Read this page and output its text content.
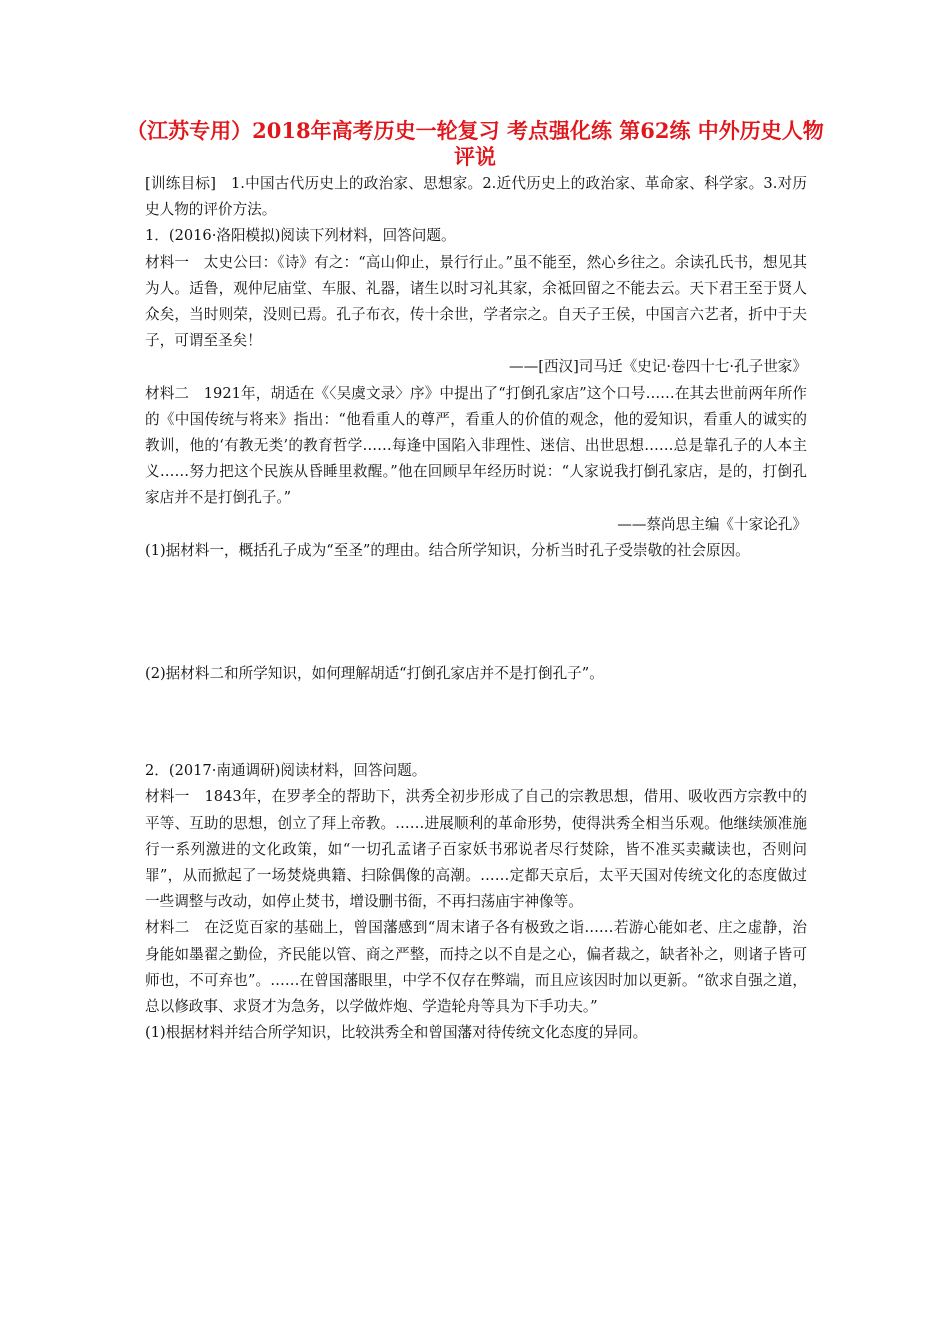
（江苏专用）2018年高考历史一轮复习 考点强化练 第62练 中外历史人物评说

[训练目标]　1.中国古代历史上的政治家、思想家。2.近代历史上的政治家、革命家、科学家。3.对历史人物的评价方法。

1．(2016·洛阳模拟)阅读下列材料，回答问题。

材料一　太史公曰：《诗》有之：“高山仰止，景行行止。”虽不能至，然心乡往之。余读孔氏书，想见其为人。适鲁，观仲尼庙堂、车服、礼器，诸生以时习礼其家，余祗回留之不能去云。天下君王至于贤人众矣，当时则荣，没则已焉。孔子布衣，传十余世，学者宗之。自天子王侯，中国言六艺者，折中于夫子，可谓至圣矣！

——[西汉]司马迁《史记·卷四十七·孔子世家》

材料二　1921年，胡适在《〈吴虞文录〉序》中提出了“打倒孔家店”这个口号……在其去世前两年所作的《中国传统与将来》指出：“他看重人的尊严，看重人的价值的观念，他的爱知识，看重人的诚实的教训，他的‘有教无类’的教育哲学……每逢中国陷入非理性、迷信、出世思想……总是靠孔子的人本主义……努力把这个民族从昏睡里救醒。”他在回顾早年经历时说：“人家说我打倒孔家店，是的，打倒孔家店并不是打倒孔子。”

——蔡尚思主编《十家论孔》

(1)据材料一，概括孔子成为“至圣”的理由。结合所学知识，分析当时孔子受崇敬的社会原因。

(2)据材料二和所学知识，如何理解胡适“打倒孔家店并不是打倒孔子”。

2．(2017·南通调研)阅读材料，回答问题。

材料一　1843年，在罗孝全的帮助下，洪秀全初步形成了自己的宗教思想，借用、吸收西方宗教中的平等、互助的思想，创立了拜上帝教。……进展顺利的革命形势，使得洪秀全相当乐观。他继续颁准施行一系列激进的文化政策，如“一切孔孟诸子百家妖书邪说者尽行焚除，皆不准买卖藏读也，否则问罪”，从而掀起了一场焚烧典籍、扫除偶像的高潮。……定都天京后，太平天国对传统文化的态度做过一些调整与改动，如停止焚书，增设删书衙，不再扫荡庙宇神像等。

材料二　在泛览百家的基础上，曾国藩感到“周末诸子各有极致之诣……若游心能如老、庄之虚静，治身能如墨翟之勤俭，齐民能以管、商之严整，而持之以不自是之心，偏者裁之，缺者补之，则诸子皆可师也，不可弃也”。……在曾国藩眼里，中学不仅存在弊端，而且应该因时加以更新。“欲求自强之道，总以修政事、求贤才为急务，以学做炸炮、学造轮舟等具为下手功夫。”

(1)根据材料并结合所学知识，比较洪秀全和曾国藩对待传统文化态度的异同。
